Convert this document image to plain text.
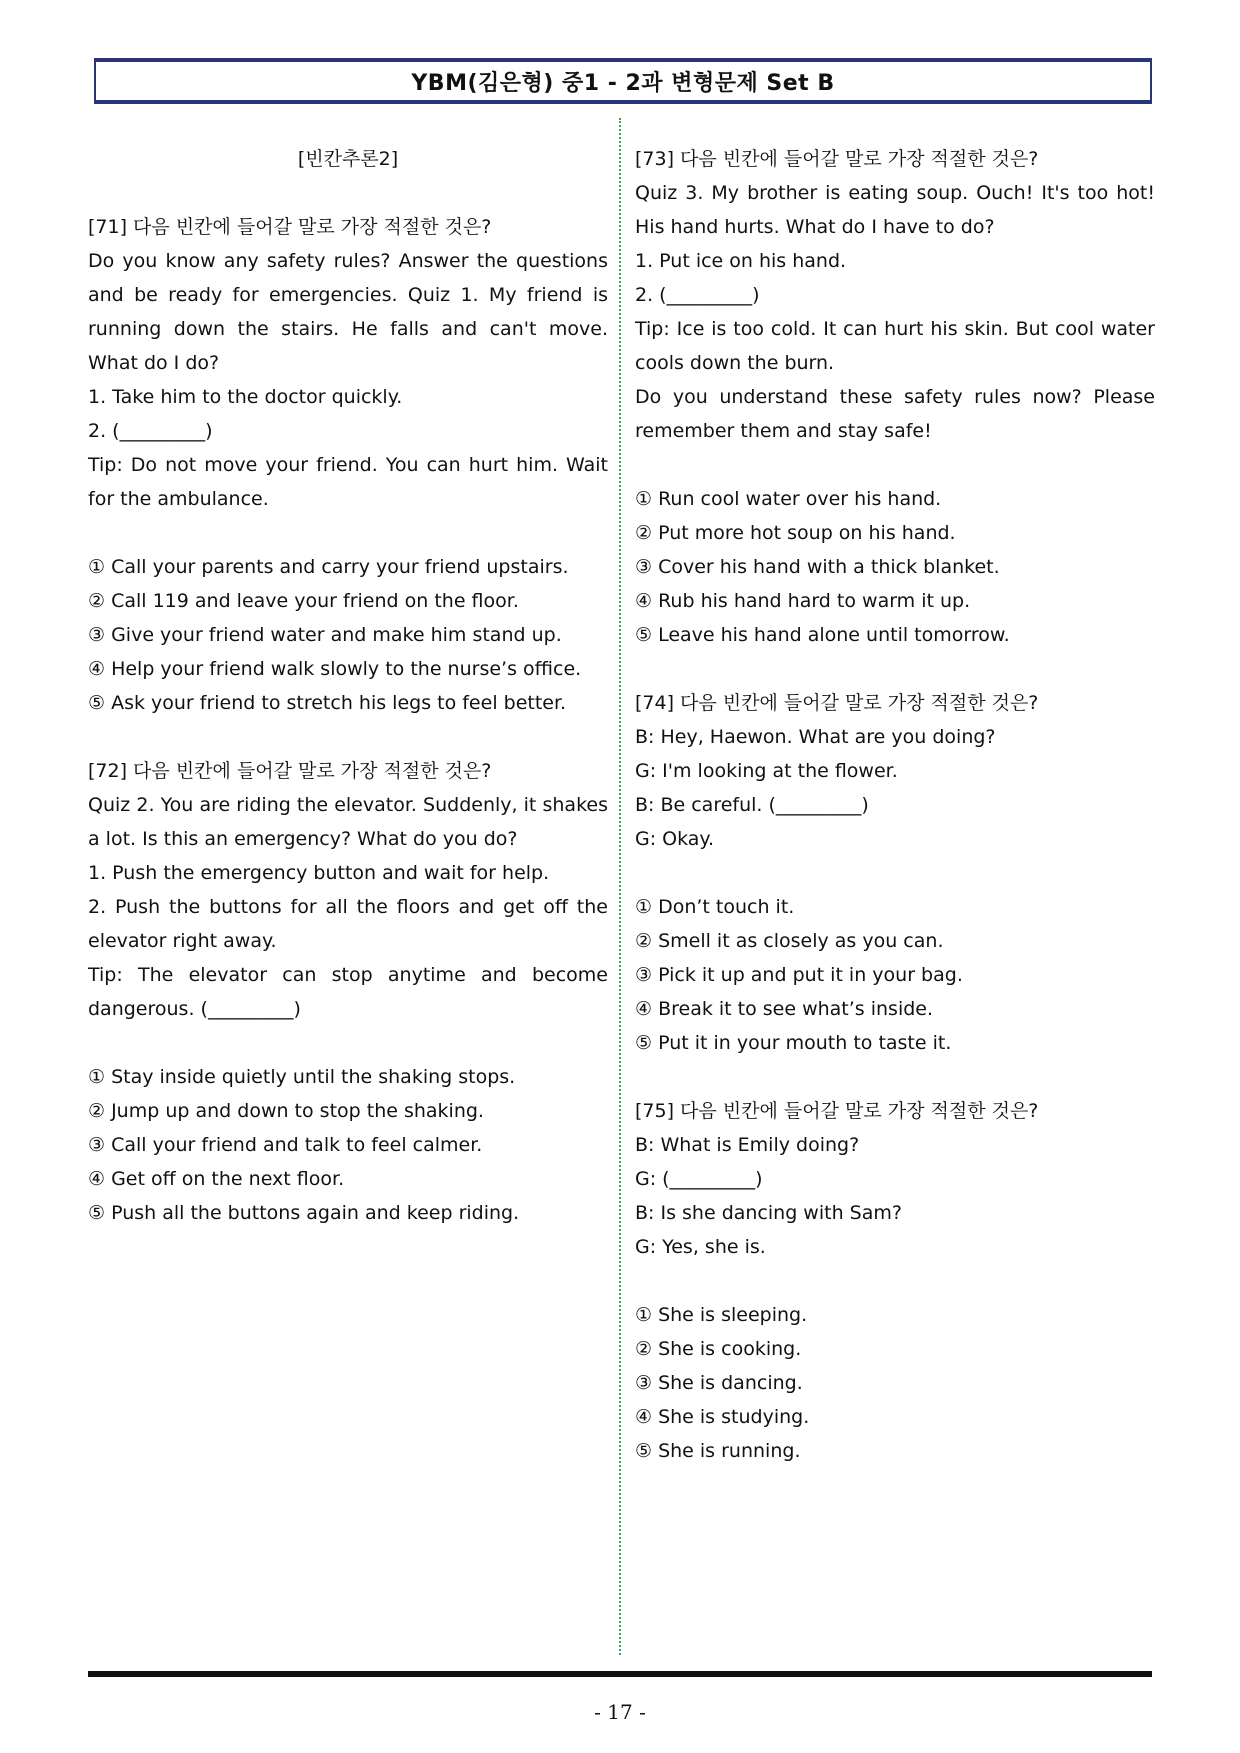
YBM(김은형) 중1 - 2과 변형문제 Set B

[빈칸추론2]

[71] 다음 빈칸에 들어갈 말로 가장 적절한 것은?

Do you know any safety rules? Answer the questions and be ready for emergencies. Quiz 1. My friend is running down the stairs. He falls and can't move. What do I do?

1. Take him to the doctor quickly.

2. (_________)

Tip: Do not move your friend. You can hurt him. Wait for the ambulance.

① Call your parents and carry your friend upstairs.

② Call 119 and leave your friend on the floor.

③ Give your friend water and make him stand up.

④ Help your friend walk slowly to the nurse’s office.

⑤ Ask your friend to stretch his legs to feel better.

[72] 다음 빈칸에 들어갈 말로 가장 적절한 것은?

Quiz 2. You are riding the elevator. Suddenly, it shakes a lot. Is this an emergency? What do you do?

1. Push the emergency button and wait for help.

2. Push the buttons for all the floors and get off the elevator right away.

Tip: The elevator can stop anytime and become dangerous. (_________)

① Stay inside quietly until the shaking stops.

② Jump up and down to stop the shaking.

③ Call your friend and talk to feel calmer.

④ Get off on the next floor.

⑤ Push all the buttons again and keep riding.

[73] 다음 빈칸에 들어갈 말로 가장 적절한 것은?

Quiz 3. My brother is eating soup. Ouch! It's too hot! His hand hurts. What do I have to do?

1. Put ice on his hand.

2. (_________)

Tip: Ice is too cold. It can hurt his skin. But cool water cools down the burn.

Do you understand these safety rules now? Please remember them and stay safe!

① Run cool water over his hand.

② Put more hot soup on his hand.

③ Cover his hand with a thick blanket.

④ Rub his hand hard to warm it up.

⑤ Leave his hand alone until tomorrow.

[74] 다음 빈칸에 들어갈 말로 가장 적절한 것은?

B: Hey, Haewon. What are you doing?

G: I'm looking at the flower.

B: Be careful. (_________)

G: Okay.

① Don’t touch it.

② Smell it as closely as you can.

③ Pick it up and put it in your bag.

④ Break it to see what’s inside.

⑤ Put it in your mouth to taste it.

[75] 다음 빈칸에 들어갈 말로 가장 적절한 것은?

B: What is Emily doing?

G: (_________)

B: Is she dancing with Sam?

G: Yes, she is.

① She is sleeping.

② She is cooking.

③ She is dancing.

④ She is studying.

⑤ She is running.

- 17 -
